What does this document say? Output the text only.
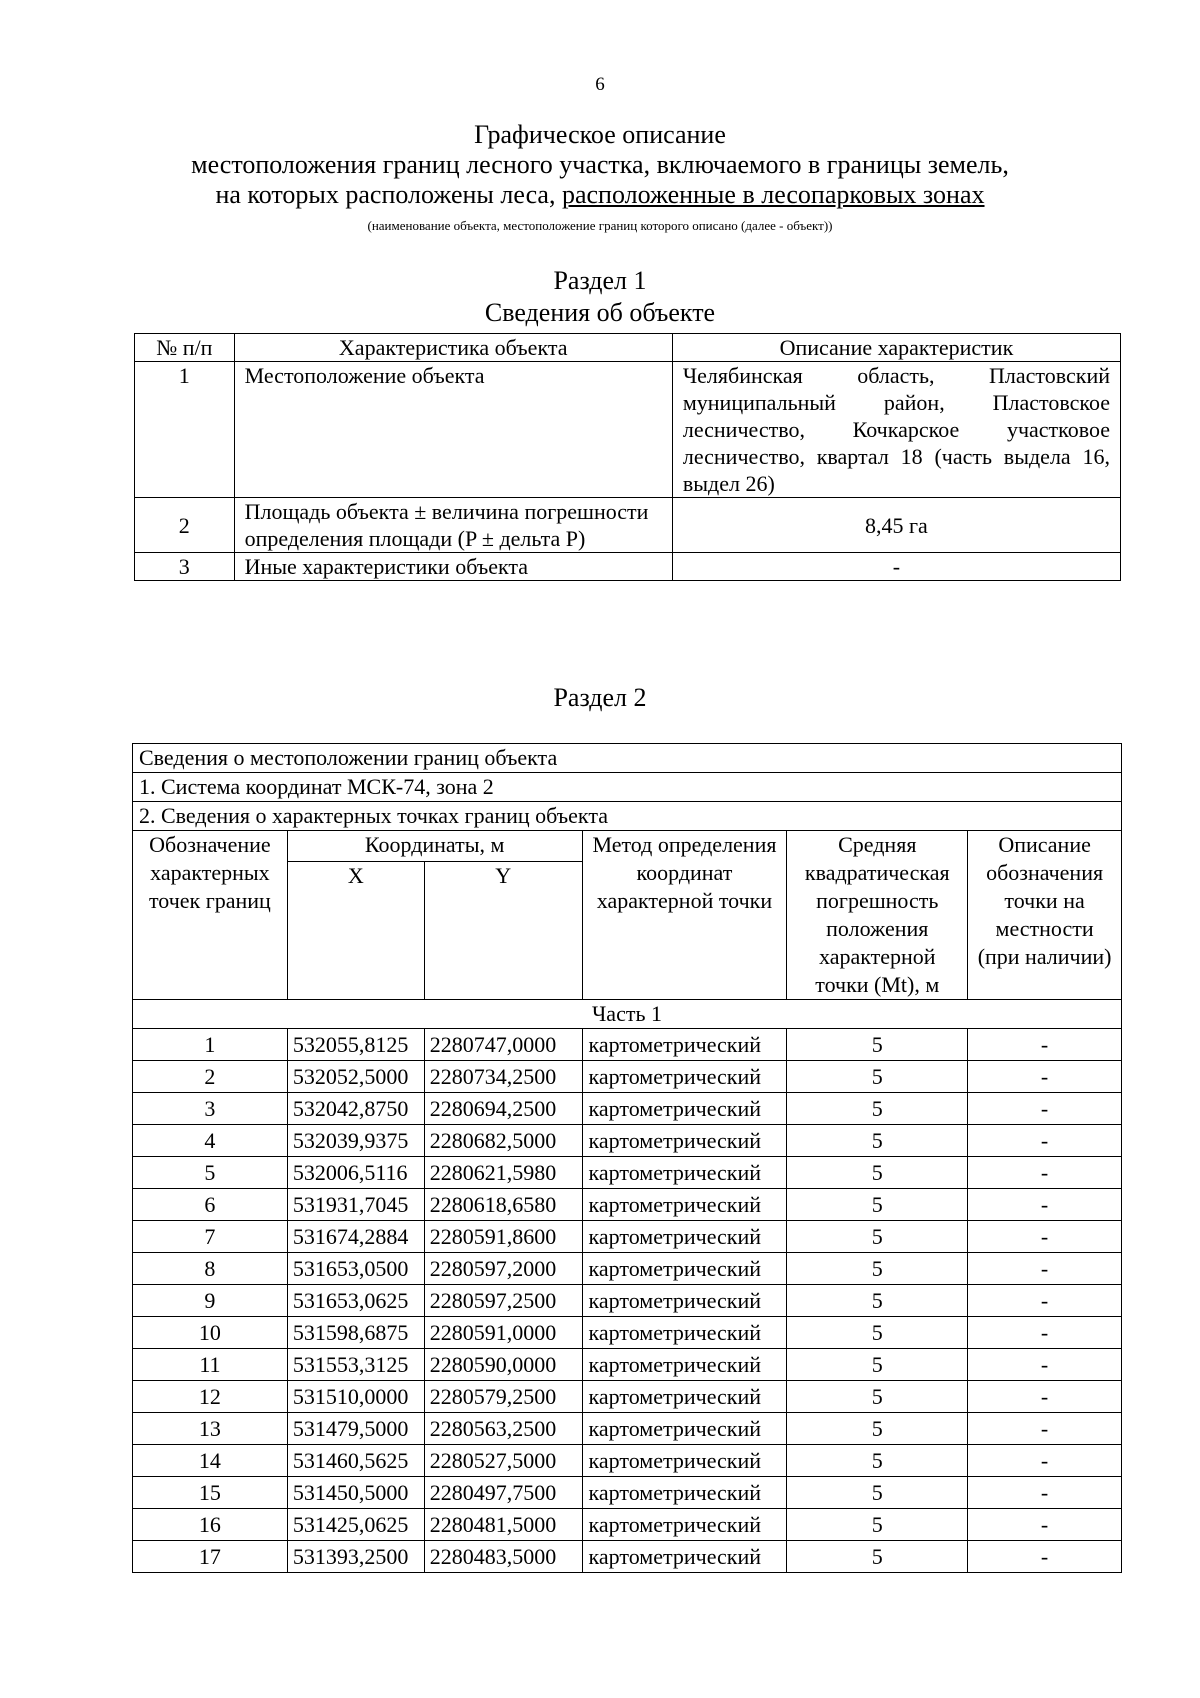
6
Графическое описание
местоположения границ лесного участка, включаемого в границы земель,
на которых расположены леса, расположенные в лесопарковых зонах
(наименование объекта, местоположение границ которого описано (далее - объект))
Раздел 1
Сведения об объекте
№ п/п	Характеристика объекта	Описание характеристик
1	Местоположение объекта	Челябинская область, Пластовский муниципальный район, Пластовское лесничество, Кочкарское участковое лесничество, квартал 18 (часть выдела 16, выдел 26)
2	Площадь объекта ± величина погрешности определения площади (P ± дельта P)	8,45 га
3	Иные характеристики объекта	-
Раздел 2
Сведения о местоположении границ объекта					
1. Система координат МСК-74, зона 2					
2. Сведения о характерных точках границ объекта					
Обозначение характерных точек границ	Координаты, м		Метод определения координат характерной точки	Средняя квадратическая погрешность положения характерной точки (Mt), м	Описание обозначения точки на местности (при наличии)
	X	Y			
Часть 1					
1	532055,8125	2280747,0000	картометрический	5	-
2	532052,5000	2280734,2500	картометрический	5	-
3	532042,8750	2280694,2500	картометрический	5	-
4	532039,9375	2280682,5000	картометрический	5	-
5	532006,5116	2280621,5980	картометрический	5	-
6	531931,7045	2280618,6580	картометрический	5	-
7	531674,2884	2280591,8600	картометрический	5	-
8	531653,0500	2280597,2000	картометрический	5	-
9	531653,0625	2280597,2500	картометрический	5	-
10	531598,6875	2280591,0000	картометрический	5	-
11	531553,3125	2280590,0000	картометрический	5	-
12	531510,0000	2280579,2500	картометрический	5	-
13	531479,5000	2280563,2500	картометрический	5	-
14	531460,5625	2280527,5000	картометрический	5	-
15	531450,5000	2280497,7500	картометрический	5	-
16	531425,0625	2280481,5000	картометрический	5	-
17	531393,2500	2280483,5000	картометрический	5	-
